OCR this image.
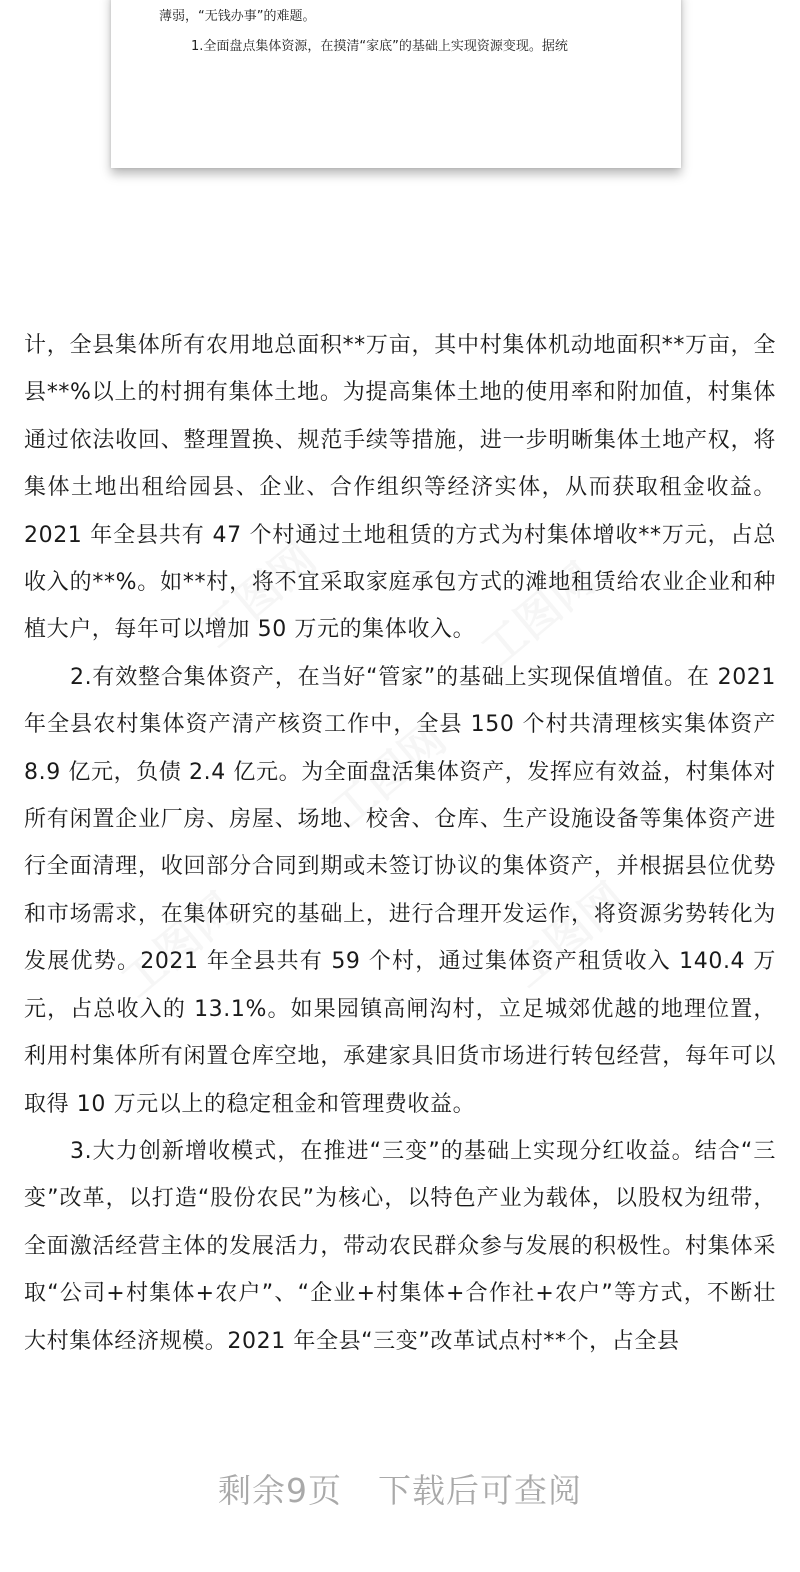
薄弱，“无钱办事”的难题。
1.全面盘点集体资源，在摸清“家底”的基础上实现资源变现。据统

计，全县集体所有农用地总面积**万亩，其中村集体机动地面积**万亩，全县**%以上的村拥有集体土地。为提高集体土地的使用率和附加值，村集体通过依法收回、整理置换、规范手续等措施，进一步明晰集体土地产权，将集体土地出租给园县、企业、合作组织等经济实体，从而获取租金收益。2021 年全县共有 47 个村通过土地租赁的方式为村集体增收**万元，占总收入的**%。如**村，将不宜采取家庭承包方式的滩地租赁给农业企业和种植大户，每年可以增加 50 万元的集体收入。

2.有效整合集体资产，在当好“管家”的基础上实现保值增值。在 2021 年全县农村集体资产清产核资工作中，全县 150 个村共清理核实集体资产 8.9 亿元，负债 2.4 亿元。为全面盘活集体资产，发挥应有效益，村集体对所有闲置企业厂房、房屋、场地、校舍、仓库、生产设施设备等集体资产进行全面清理，收回部分合同到期或未签订协议的集体资产，并根据县位优势和市场需求，在集体研究的基础上，进行合理开发运作，将资源劣势转化为发展优势。2021 年全县共有 59 个村，通过集体资产租赁收入 140.4 万元，占总收入的 13.1%。如果园镇高闸沟村，立足城郊优越的地理位置，利用村集体所有闲置仓库空地，承建家具旧货市场进行转包经营，每年可以取得 10 万元以上的稳定租金和管理费收益。

3.大力创新增收模式，在推进“三变”的基础上实现分红收益。结合“三变”改革，以打造“股份农民”为核心，以特色产业为载体，以股权为纽带，全面激活经营主体的发展活力，带动农民群众参与发展的积极性。村集体采取“公司+村集体+农户”、“企业+村集体+合作社+农户”等方式，不断壮大村集体经济规模。2021 年全县“三变”改革试点村**个，占全县

剩余9页 下载后可查阅
